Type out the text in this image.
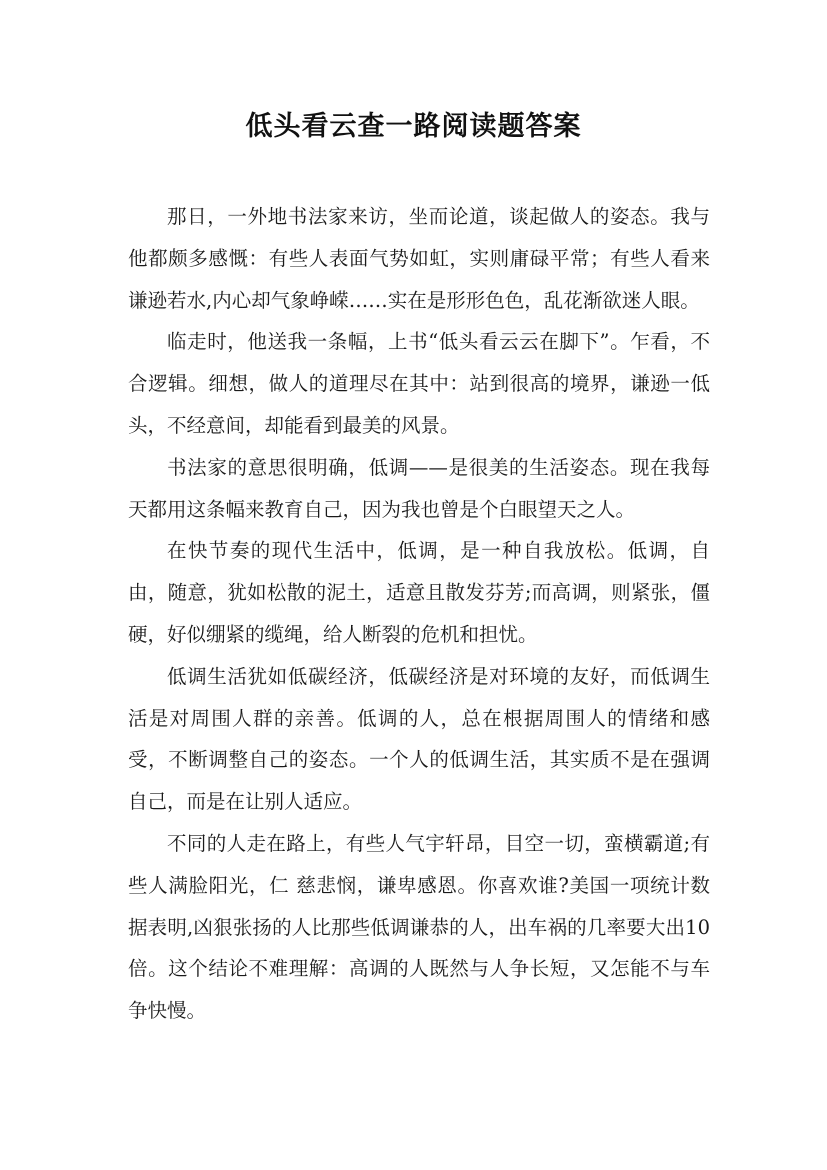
低头看云查一路阅读题答案

那日，一外地书法家来访，坐而论道，谈起做人的姿态。我与他都颇多感慨：有些人表面气势如虹，实则庸碌平常；有些人看来谦逊若水,内心却气象峥嵘……实在是形形色色，乱花渐欲迷人眼。

临走时，他送我一条幅，上书“低头看云云在脚下”。乍看，不合逻辑。细想，做人的道理尽在其中：站到很高的境界，谦逊一低 头，不经意间，却能看到最美的风景。

书法家的意思很明确，低调——是很美的生活姿态。现在我每天都用这条幅来教育自己，因为我也曾是个白眼望天之人。

在快节奏的现代生活中，低调，是一种自我放松。低调，自由，随意，犹如松散的泥土，适意且散发芬芳;而高调，则紧张，僵硬，好似绷紧的缆绳，给人断裂的危机和担忧。

低调生活犹如低碳经济，低碳经济是对环境的友好，而低调生活是对周围人群的亲善。低调的人，总在根据周围人的情绪和感受，不断调整自己的姿态。一个人的低调生活，其实质不是在强调自己，而是在让别人适应。

不同的人走在路上，有些人气宇轩昂，目空一切，蛮横霸道;有些人满脸阳光，仁 慈悲悯，谦卑感恩。你喜欢谁?美国一项统计数据表明,凶狠张扬的人比那些低调谦恭的人，出车祸的几率要大出10倍。这个结论不难理解：高调的人既然与人争长短，又怎能不与车争快慢。
